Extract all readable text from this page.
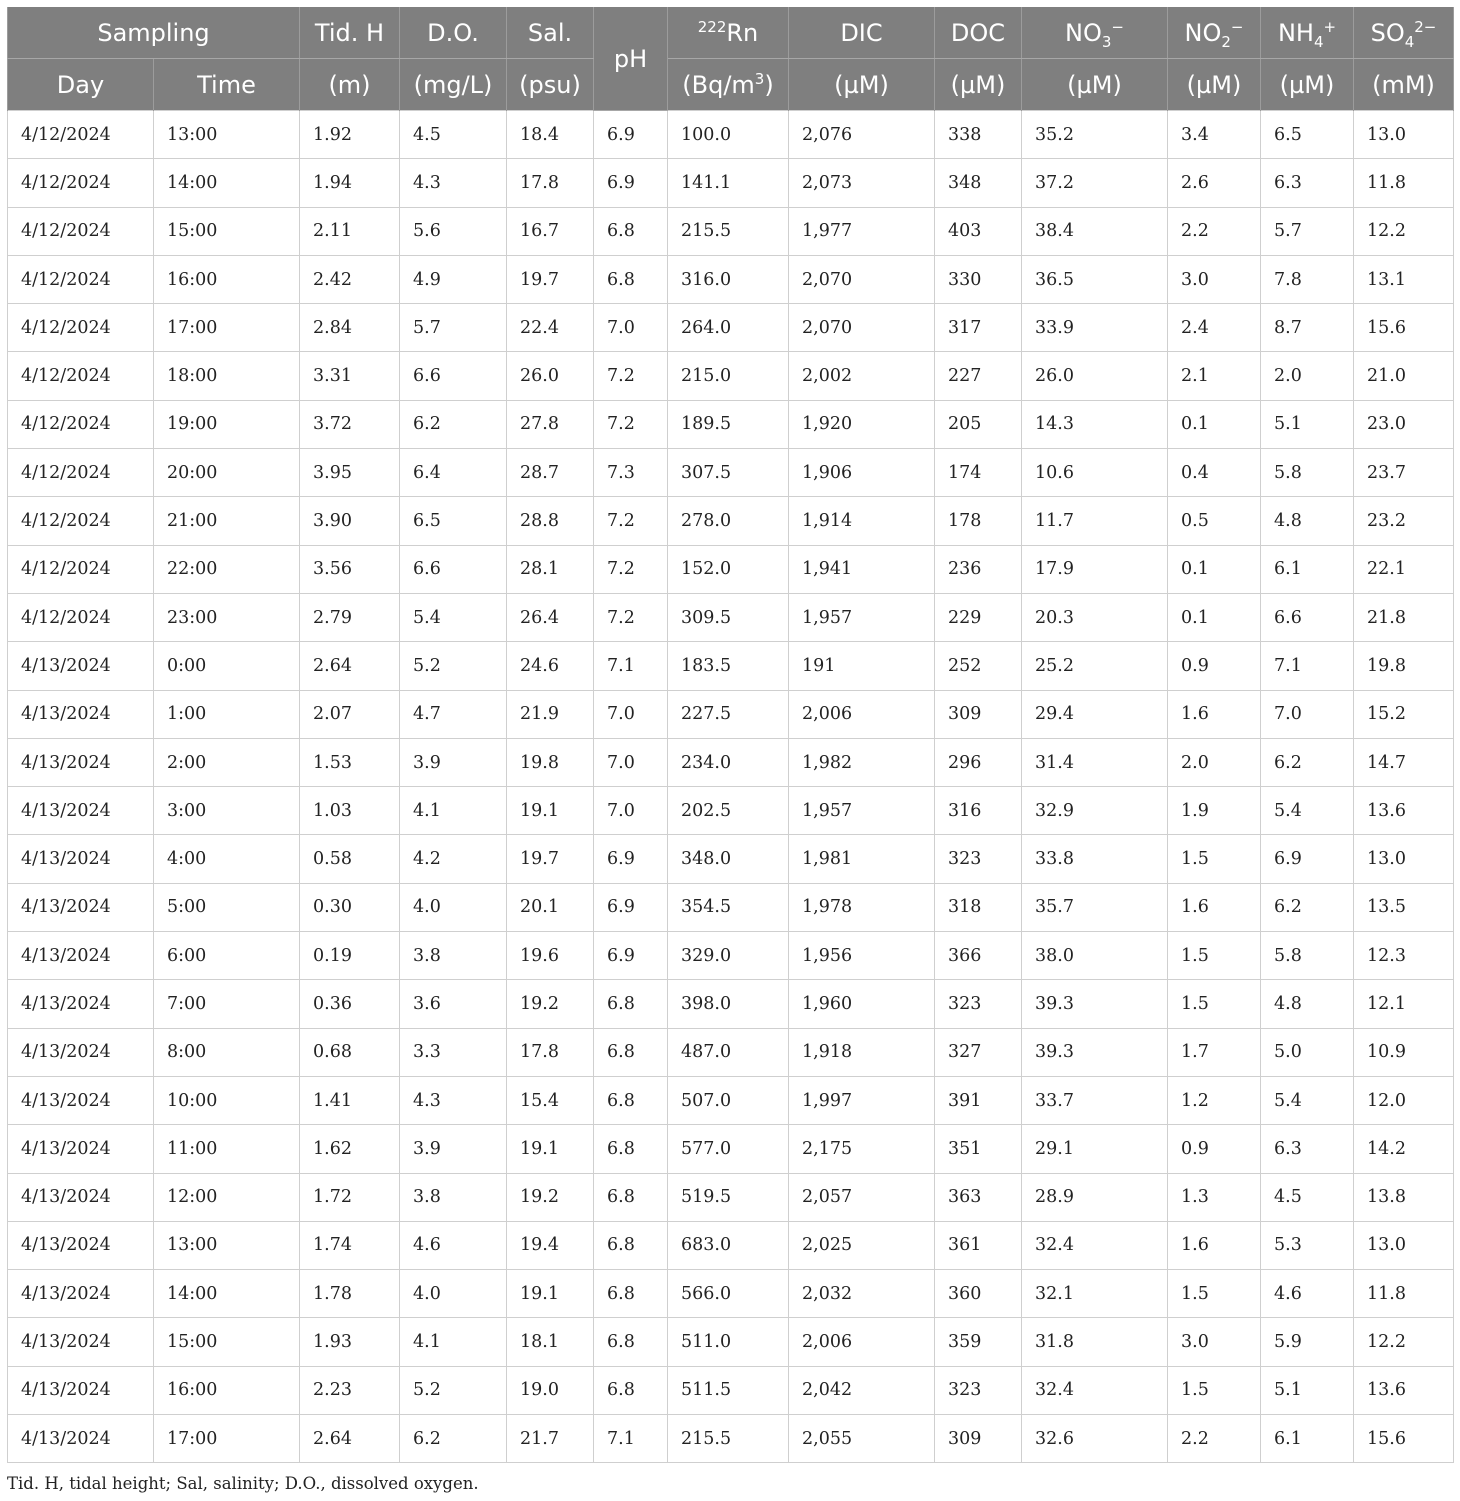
Sampling		Tid. H	D.O.	Sal.	pH	$^{222}$Rn	DIC	DOC	$NO_3^-$	$NO_2^-$	$NH_4^+$	$SO_4^{2-}$
Day	Time	(m)	(mg/L)	(psu)		$(Bq/m^3)$	(µM)	(µM)	(µM)	(µM)	(µM)	(mM)
4/12/2024	13:00	1.92	4.5	18.4	6.9	100.0	2,076	338	35.2	3.4	6.5	13.0
4/12/2024	14:00	1.94	4.3	17.8	6.9	141.1	2,073	348	37.2	2.6	6.3	11.8
4/12/2024	15:00	2.11	5.6	16.7	6.8	215.5	1,977	403	38.4	2.2	5.7	12.2
4/12/2024	16:00	2.42	4.9	19.7	6.8	316.0	2,070	330	36.5	3.0	7.8	13.1
4/12/2024	17:00	2.84	5.7	22.4	7.0	264.0	2,070	317	33.9	2.4	8.7	15.6
4/12/2024	18:00	3.31	6.6	26.0	7.2	215.0	2,002	227	26.0	2.1	2.0	21.0
4/12/2024	19:00	3.72	6.2	27.8	7.2	189.5	1,920	205	14.3	0.1	5.1	23.0
4/12/2024	20:00	3.95	6.4	28.7	7.3	307.5	1,906	174	10.6	0.4	5.8	23.7
4/12/2024	21:00	3.90	6.5	28.8	7.2	278.0	1,914	178	11.7	0.5	4.8	23.2
4/12/2024	22:00	3.56	6.6	28.1	7.2	152.0	1,941	236	17.9	0.1	6.1	22.1
4/12/2024	23:00	2.79	5.4	26.4	7.2	309.5	1,957	229	20.3	0.1	6.6	21.8
4/13/2024	0:00	2.64	5.2	24.6	7.1	183.5	191	252	25.2	0.9	7.1	19.8
4/13/2024	1:00	2.07	4.7	21.9	7.0	227.5	2,006	309	29.4	1.6	7.0	15.2
4/13/2024	2:00	1.53	3.9	19.8	7.0	234.0	1,982	296	31.4	2.0	6.2	14.7
4/13/2024	3:00	1.03	4.1	19.1	7.0	202.5	1,957	316	32.9	1.9	5.4	13.6
4/13/2024	4:00	0.58	4.2	19.7	6.9	348.0	1,981	323	33.8	1.5	6.9	13.0
4/13/2024	5:00	0.30	4.0	20.1	6.9	354.5	1,978	318	35.7	1.6	6.2	13.5
4/13/2024	6:00	0.19	3.8	19.6	6.9	329.0	1,956	366	38.0	1.5	5.8	12.3
4/13/2024	7:00	0.36	3.6	19.2	6.8	398.0	1,960	323	39.3	1.5	4.8	12.1
4/13/2024	8:00	0.68	3.3	17.8	6.8	487.0	1,918	327	39.3	1.7	5.0	10.9
4/13/2024	10:00	1.41	4.3	15.4	6.8	507.0	1,997	391	33.7	1.2	5.4	12.0
4/13/2024	11:00	1.62	3.9	19.1	6.8	577.0	2,175	351	29.1	0.9	6.3	14.2
4/13/2024	12:00	1.72	3.8	19.2	6.8	519.5	2,057	363	28.9	1.3	4.5	13.8
4/13/2024	13:00	1.74	4.6	19.4	6.8	683.0	2,025	361	32.4	1.6	5.3	13.0
4/13/2024	14:00	1.78	4.0	19.1	6.8	566.0	2,032	360	32.1	1.5	4.6	11.8
4/13/2024	15:00	1.93	4.1	18.1	6.8	511.0	2,006	359	31.8	3.0	5.9	12.2
4/13/2024	16:00	2.23	5.2	19.0	6.8	511.5	2,042	323	32.4	1.5	5.1	13.6
4/13/2024	17:00	2.64	6.2	21.7	7.1	215.5	2,055	309	32.6	2.2	6.1	15.6
Tid. H, tidal height; Sal, salinity; D.O., dissolved oxygen.
